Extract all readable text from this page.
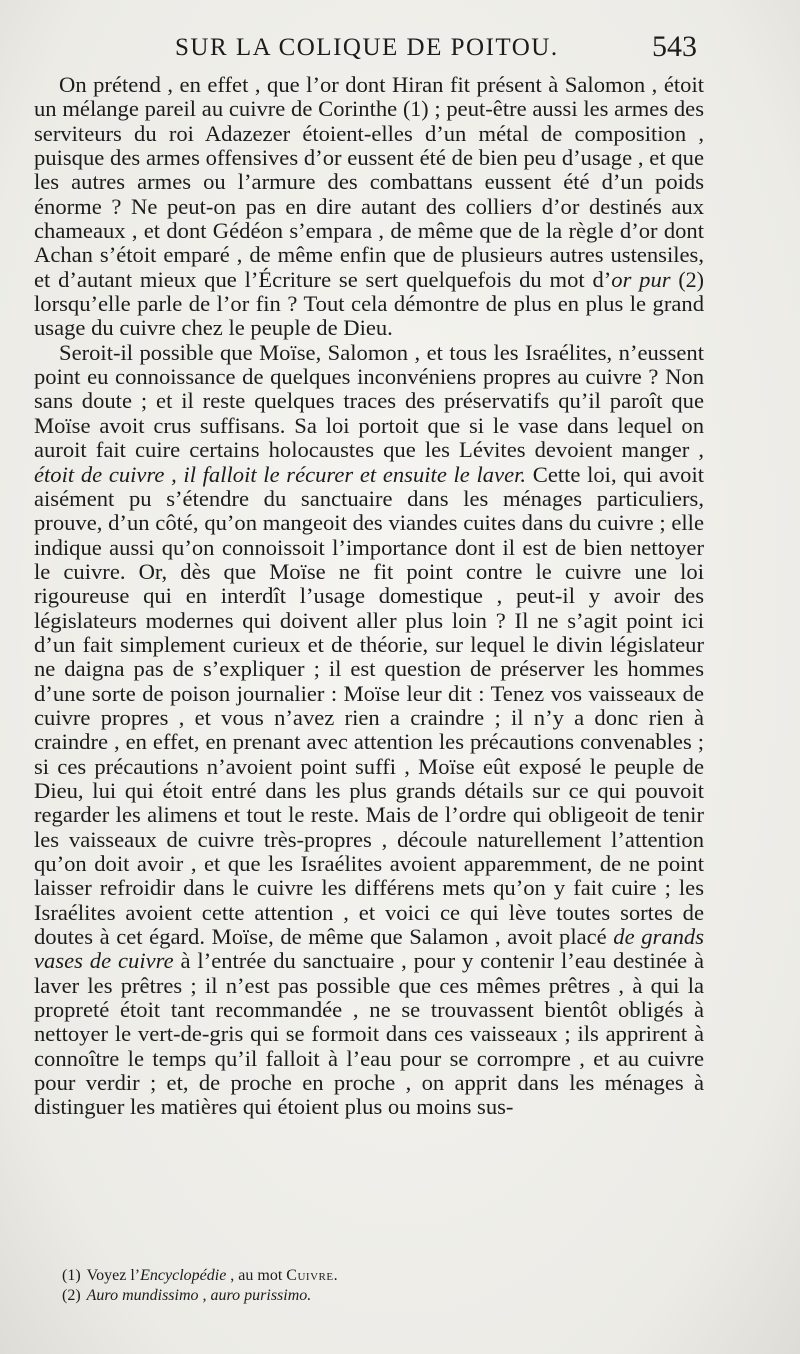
SUR LA COLIQUE DE POITOU.	543

On prétend , en effet , que l’or dont Hiran fit présent à Salomon , étoit un mélange pareil au cuivre de Corinthe (1) ; peut-être aussi les armes des serviteurs du roi Adazezer étoient-elles d’un métal de composition , puisque des armes offensives d’or eussent été de bien peu d’usage , et que les autres armes ou l’armure des combattans eussent été d’un poids énorme ? Ne peut-on pas en dire autant des colliers d’or destinés aux chameaux , et dont Gédéon s’empara , de même que de la règle d’or dont Achan s’étoit emparé , de même enfin que de plusieurs autres ustensiles, et d’autant mieux que l’Écriture se sert quelquefois du mot d’or pur (2) lorsqu’elle parle de l’or fin ? Tout cela démontre de plus en plus le grand usage du cuivre chez le peuple de Dieu.

Seroit-il possible que Moïse, Salomon , et tous les Israélites, n’eussent point eu connoissance de quelques inconvéniens propres au cuivre ? Non sans doute ; et il reste quelques traces des préservatifs qu’il paroît que Moïse avoit crus suffisans. Sa loi portoit que si le vase dans lequel on auroit fait cuire certains holocaustes que les Lévites devoient manger , étoit de cuivre , il falloit le récurer et ensuite le laver. Cette loi, qui avoit aisément pu s’étendre du sanctuaire dans les ménages particuliers, prouve, d’un côté, qu’on mangeoit des viandes cuites dans du cuivre ; elle indique aussi qu’on connoissoit l’importance dont il est de bien nettoyer le cuivre. Or, dès que Moïse ne fit point contre le cuivre une loi rigoureuse qui en interdît l’usage domestique , peut-il y avoir des législateurs modernes qui doivent aller plus loin ? Il ne s’agit point ici d’un fait simplement curieux et de théorie, sur lequel le divin législateur ne daigna pas de s’expliquer ; il est question de préserver les hommes d’une sorte de poison journalier : Moïse leur dit : Tenez vos vaisseaux de cuivre propres , et vous n’avez rien a craindre ; il n’y a donc rien à craindre , en effet, en prenant avec attention les précautions convenables ; si ces précautions n’avoient point suffi , Moïse eût exposé le peuple de Dieu, lui qui étoit entré dans les plus grands détails sur ce qui pouvoit regarder les alimens et tout le reste. Mais de l’ordre qui obligeoit de tenir les vaisseaux de cuivre très-propres , découle naturellement l’attention qu’on doit avoir , et que les Israélites avoient apparemment, de ne point laisser refroidir dans le cuivre les différens mets qu’on y fait cuire ; les Israélites avoient cette attention , et voici ce qui lève toutes sortes de doutes à cet égard. Moïse, de même que Salamon , avoit placé de grands vases de cuivre à l’entrée du sanctuaire , pour y contenir l’eau destinée à laver les prêtres ; il n’est pas possible que ces mêmes prêtres , à qui la propreté étoit tant recommandée , ne se trouvassent bientôt obligés à nettoyer le vert-de-gris qui se formoit dans ces vaisseaux ; ils apprirent à connoître le temps qu’il falloit à l’eau pour se corrompre , et au cuivre pour verdir ; et, de proche en proche , on apprit dans les ménages à distinguer les matières qui étoient plus ou moins sus-

(1) Voyez l’Encyclopédie , au mot Cuivre.

(2) Auro mundissimo , auro purissimo.
